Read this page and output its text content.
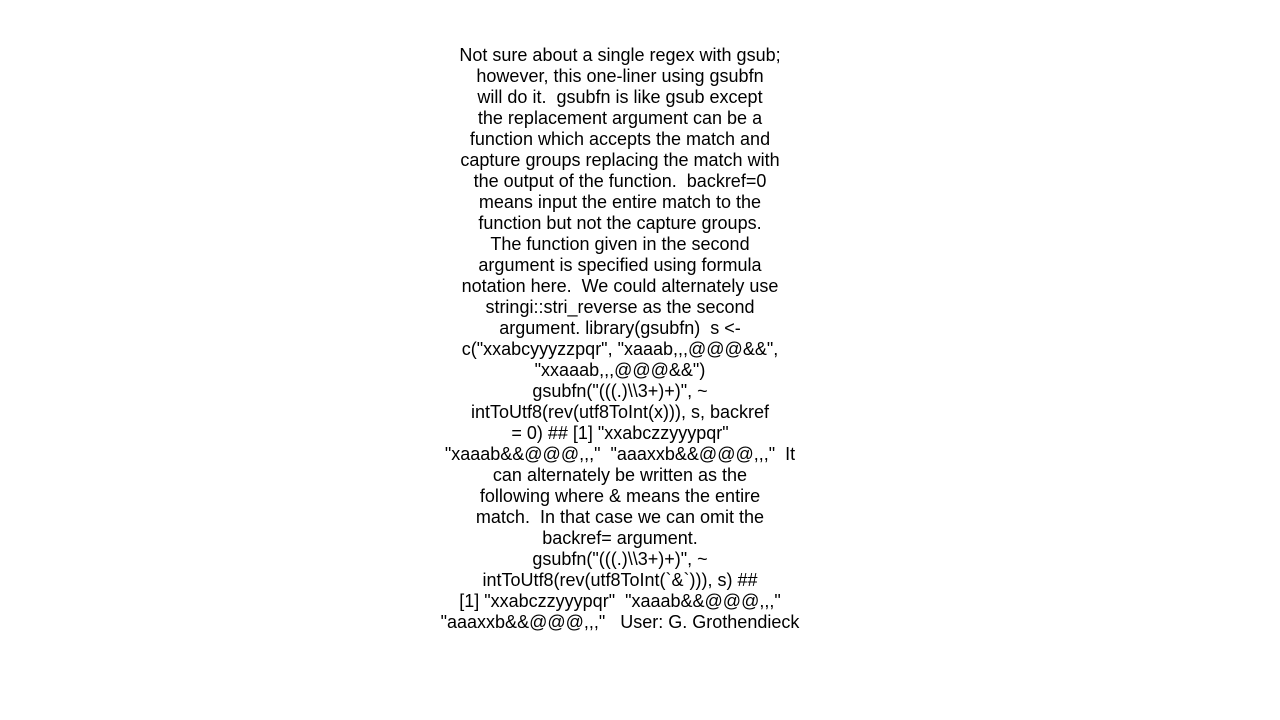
Not sure about a single regex with gsub;
however, this one-liner using gsubfn
will do it.  gsubfn is like gsub except
the replacement argument can be a
function which accepts the match and
capture groups replacing the match with
the output of the function.  backref=0
means input the entire match to the
function but not the capture groups.
The function given in the second
argument is specified using formula
notation here.  We could alternately use
stringi::stri_reverse as the second
argument. library(gsubfn)  s <-
c("xxabcyyyzzpqr", "xaaab,,,@@@&&",
"xxaaab,,,@@@&&")
gsubfn("(((.)\\3+)+)", ~
intToUtf8(rev(utf8ToInt(x))), s, backref
= 0) ## [1] "xxabczzyyypqr"
"xaaab&&@@@,,,"  "aaaxxb&&@@@,,,"  It
can alternately be written as the
following where & means the entire
match.  In that case we can omit the
backref= argument.
gsubfn("(((.)\\3+)+)", ~
intToUtf8(rev(utf8ToInt(`&`))), s) ##
[1] "xxabczzyyypqr"  "xaaab&&@@@,,,"
"aaaxxb&&@@@,,,"   User: G. Grothendieck
